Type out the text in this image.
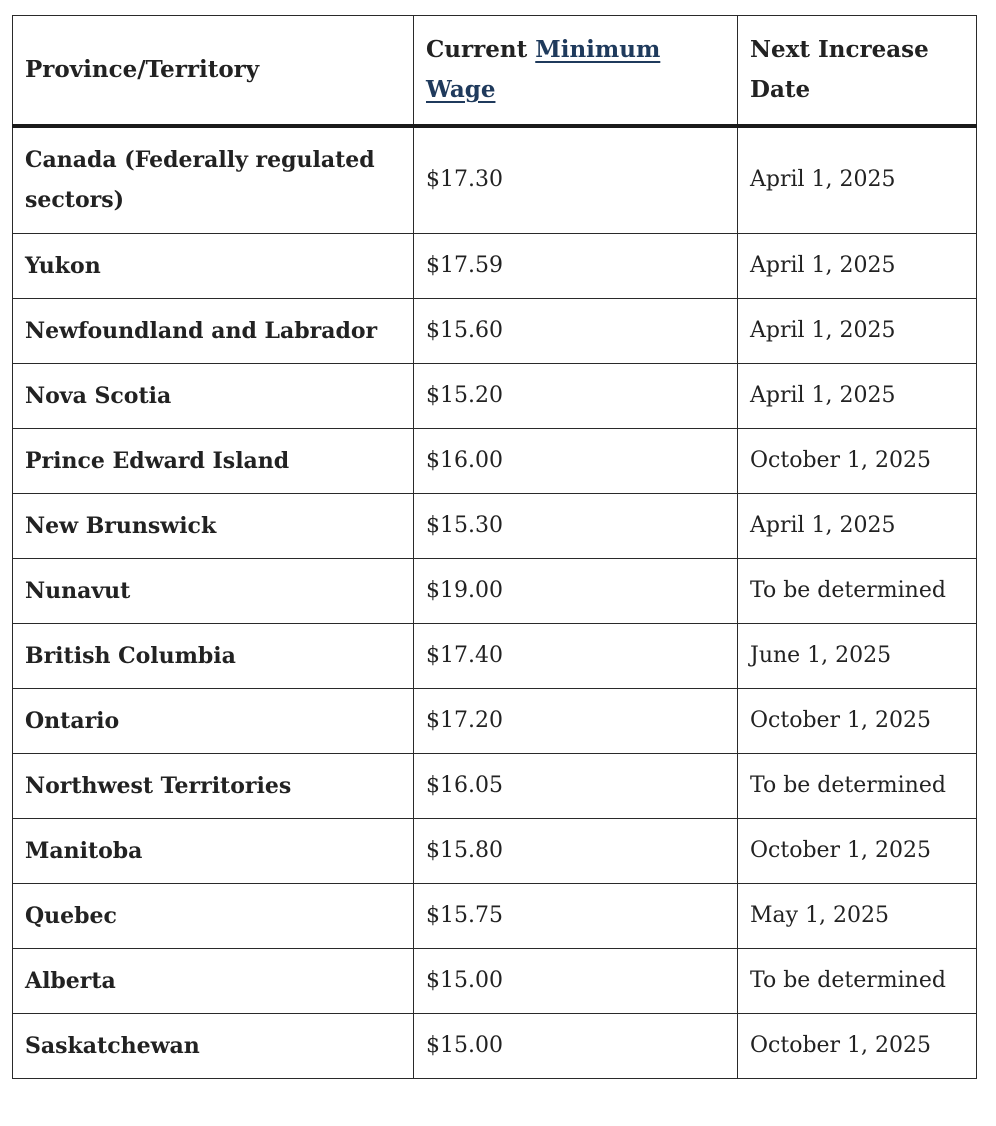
Province/Territory	Current Minimum Wage	Next Increase Date
Canada (Federally regulated sectors)	$17.30	April 1, 2025
Yukon	$17.59	April 1, 2025
Newfoundland and Labrador	$15.60	April 1, 2025
Nova Scotia	$15.20	April 1, 2025
Prince Edward Island	$16.00	October 1, 2025
New Brunswick	$15.30	April 1, 2025
Nunavut	$19.00	To be determined
British Columbia	$17.40	June 1, 2025
Ontario	$17.20	October 1, 2025
Northwest Territories	$16.05	To be determined
Manitoba	$15.80	October 1, 2025
Quebec	$15.75	May 1, 2025
Alberta	$15.00	To be determined
Saskatchewan	$15.00	October 1, 2025
